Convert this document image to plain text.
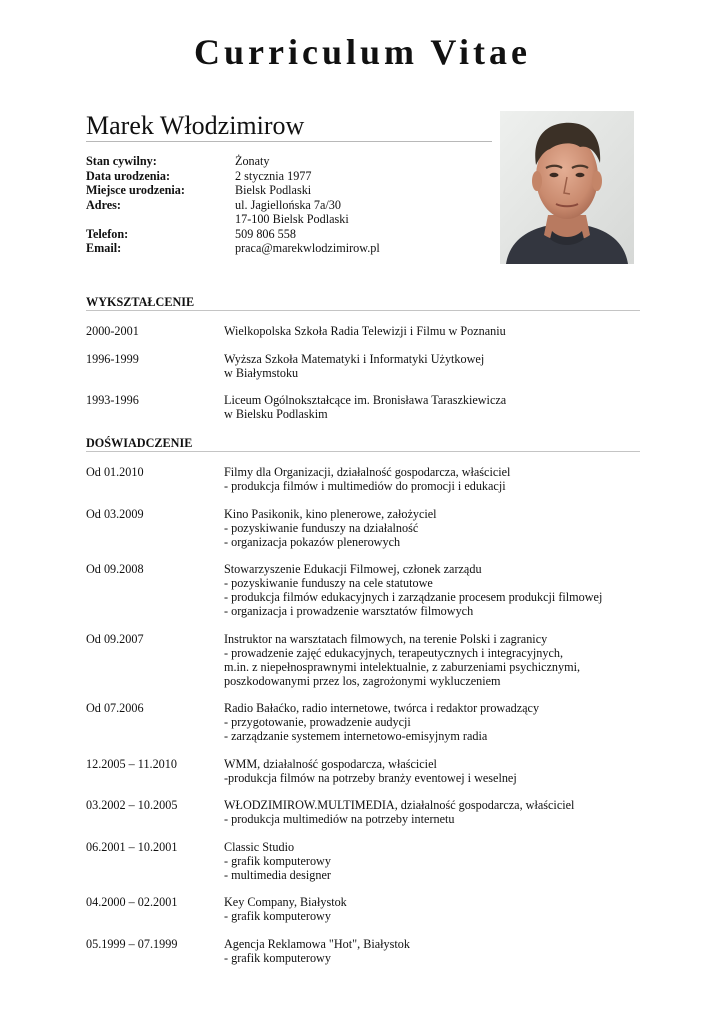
Curriculum Vitae
Marek Włodzimirow
Stan cywilny:	Żonaty
Data urodzenia:	2 stycznia 1977
Miejsce urodzenia:	Bielsk Podlaski
Adres:	ul. Jagiellońska 7a/30
17-100 Bielsk Podlaski
Telefon:	509 806 558
Email:	praca@marekwlodzimirow.pl
WYKSZTAŁCENIE
2000-2001	Wielkopolska Szkoła Radia Telewizji i Filmu w Poznaniu
1996-1999	Wyższa Szkoła Matematyki i Informatyki Użytkowej
w Białymstoku
1993-1996	Liceum Ogólnokształcące im. Bronisława Taraszkiewicza
w Bielsku Podlaskim
DOŚWIADCZENIE
Od 01.2010	Filmy dla Organizacji, działalność gospodarcza, właściciel
- produkcja filmów i multimediów do promocji i edukacji
Od 03.2009	Kino Pasikonik, kino plenerowe, założyciel
- pozyskiwanie funduszy na działalność
- organizacja pokazów plenerowych
Od 09.2008	Stowarzyszenie Edukacji Filmowej, członek zarządu
- pozyskiwanie funduszy na cele statutowe
- produkcja filmów edukacyjnych i zarządzanie procesem produkcji filmowej
- organizacja i prowadzenie warsztatów filmowych
Od 09.2007	Instruktor na warsztatach filmowych, na terenie Polski i zagranicy
- prowadzenie zajęć edukacyjnych, terapeutycznych i integracyjnych,
m.in. z niepełnosprawnymi intelektualnie, z zaburzeniami psychicznymi,
poszkodowanymi przez los, zagrożonymi wykluczeniem
Od 07.2006	Radio Bałaćko, radio internetowe, twórca i redaktor prowadzący
- przygotowanie, prowadzenie audycji
- zarządzanie systemem internetowo-emisyjnym radia
12.2005 – 11.2010	WMM, działalność gospodarcza, właściciel
-produkcja filmów na potrzeby branży eventowej i weselnej
03.2002 – 10.2005	WŁODZIMIROW.MULTIMEDIA, działalność gospodarcza, właściciel
- produkcja multimediów na potrzeby internetu
06.2001 – 10.2001	Classic Studio
- grafik komputerowy
- multimedia designer
04.2000 – 02.2001	Key Company, Białystok
- grafik komputerowy
05.1999 – 07.1999	Agencja Reklamowa "Hot", Białystok
- grafik komputerowy
